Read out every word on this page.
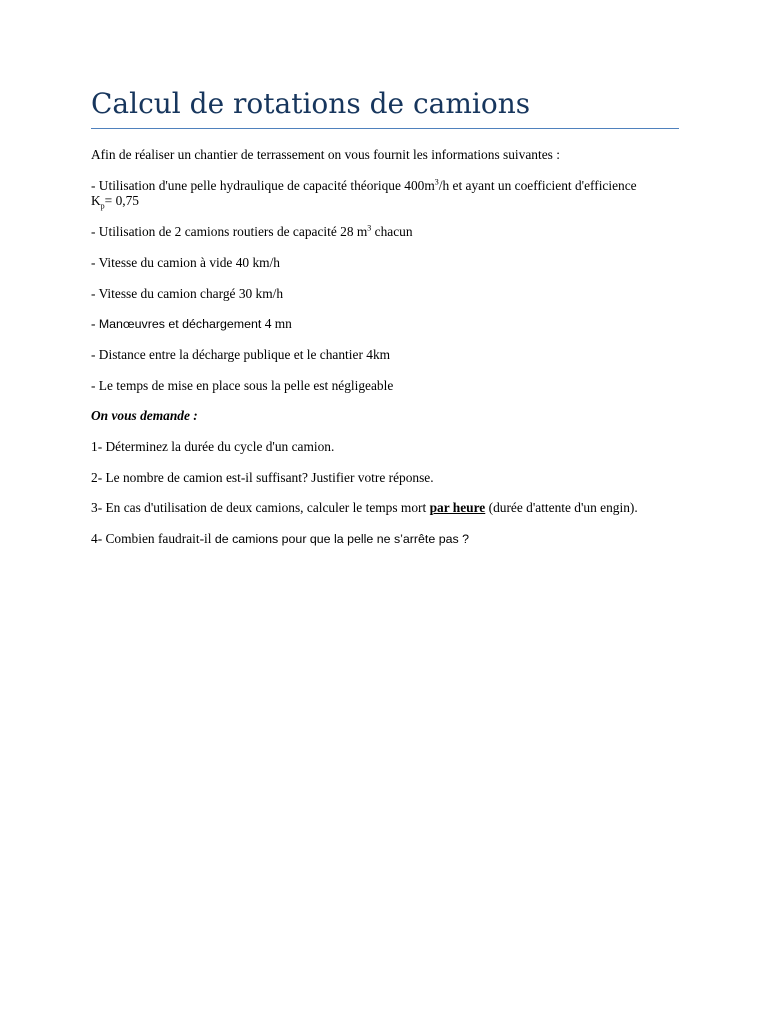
Calcul de rotations de camions

Afin de réaliser un chantier de terrassement on vous fournit les informations suivantes :

- Utilisation d'une pelle hydraulique de capacité théorique $400m^3/h$ et ayant un coefficient d'efficience
$K_p= 0,75$

- Utilisation de 2 camions routiers de capacité 28 $m^3$ chacun

- Vitesse du camion à vide 40 km/h

- Vitesse du camion chargé 30 km/h

- Manœuvres et déchargement 4 mn

- Distance entre la décharge publique et le chantier 4km

- Le temps de mise en place sous la pelle est négligeable

On vous demande :

1- Déterminez la durée du cycle d'un camion.

2- Le nombre de camion est-il suffisant? Justifier votre réponse.

3- En cas d'utilisation de deux camions, calculer le temps mort par heure (durée d'attente d'un engin).

4- Combien faudrait-il de camions pour que la pelle ne s’arrête pas ?
